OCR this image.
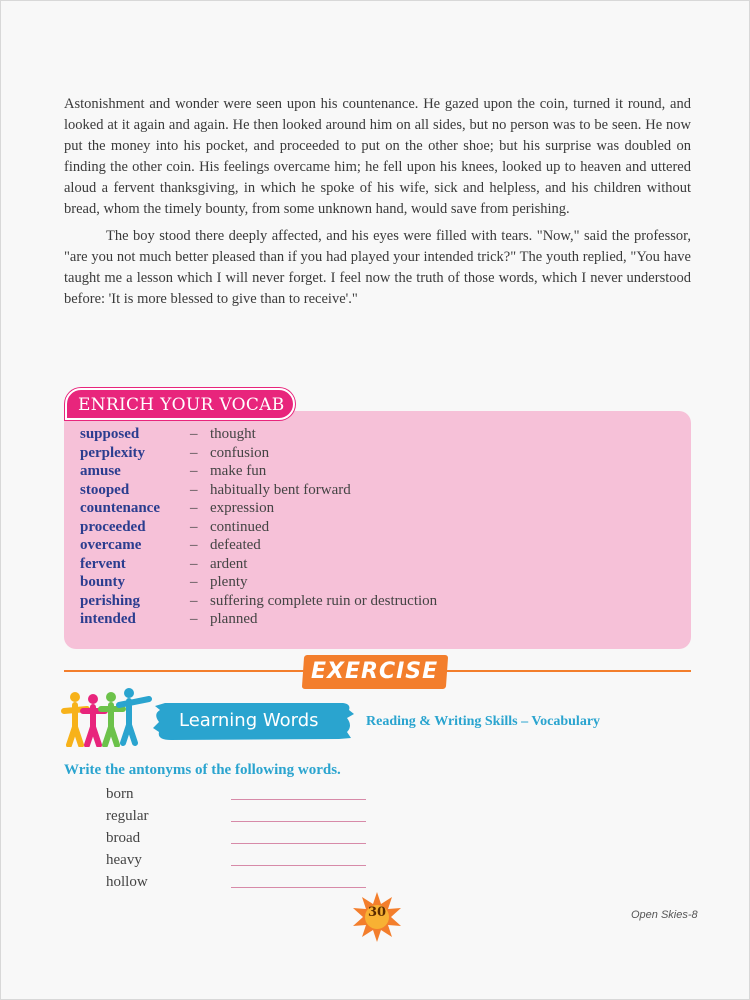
Astonishment and wonder were seen upon his countenance. He gazed upon the coin, turned it round, and looked at it again and again. He then looked around him on all sides, but no person was to be seen. He now put the money into his pocket, and proceeded to put on the other shoe; but his surprise was doubled on finding the other coin. His feelings overcame him; he fell upon his knees, looked up to heaven and uttered aloud a fervent thanksgiving, in which he spoke of his wife, sick and helpless, and his children without bread, whom the timely bounty, from some unknown hand, would save from perishing.

The boy stood there deeply affected, and his eyes were filled with tears. "Now," said the professor, "are you not much better pleased than if you had played your intended trick?" The youth replied, "You have taught me a lesson which I will never forget. I feel now the truth of those words, which I never understood before: 'It is more blessed to give than to receive'."

ENRICH YOUR VOCAB
supposed	– thought
perplexity	– confusion
amuse	– make fun
stooped	– habitually bent forward
countenance – expression
proceeded	– continued
overcame	– defeated
fervent	– ardent
bounty	– plenty
perishing	– suffering complete ruin or destruction
intended	– planned
EXERCISE
Learning Words	Reading & Writing Skills – Vocabulary
Write the antonyms of the following words.
born
regular
broad
heavy
hollow
30	Open Skies-8
